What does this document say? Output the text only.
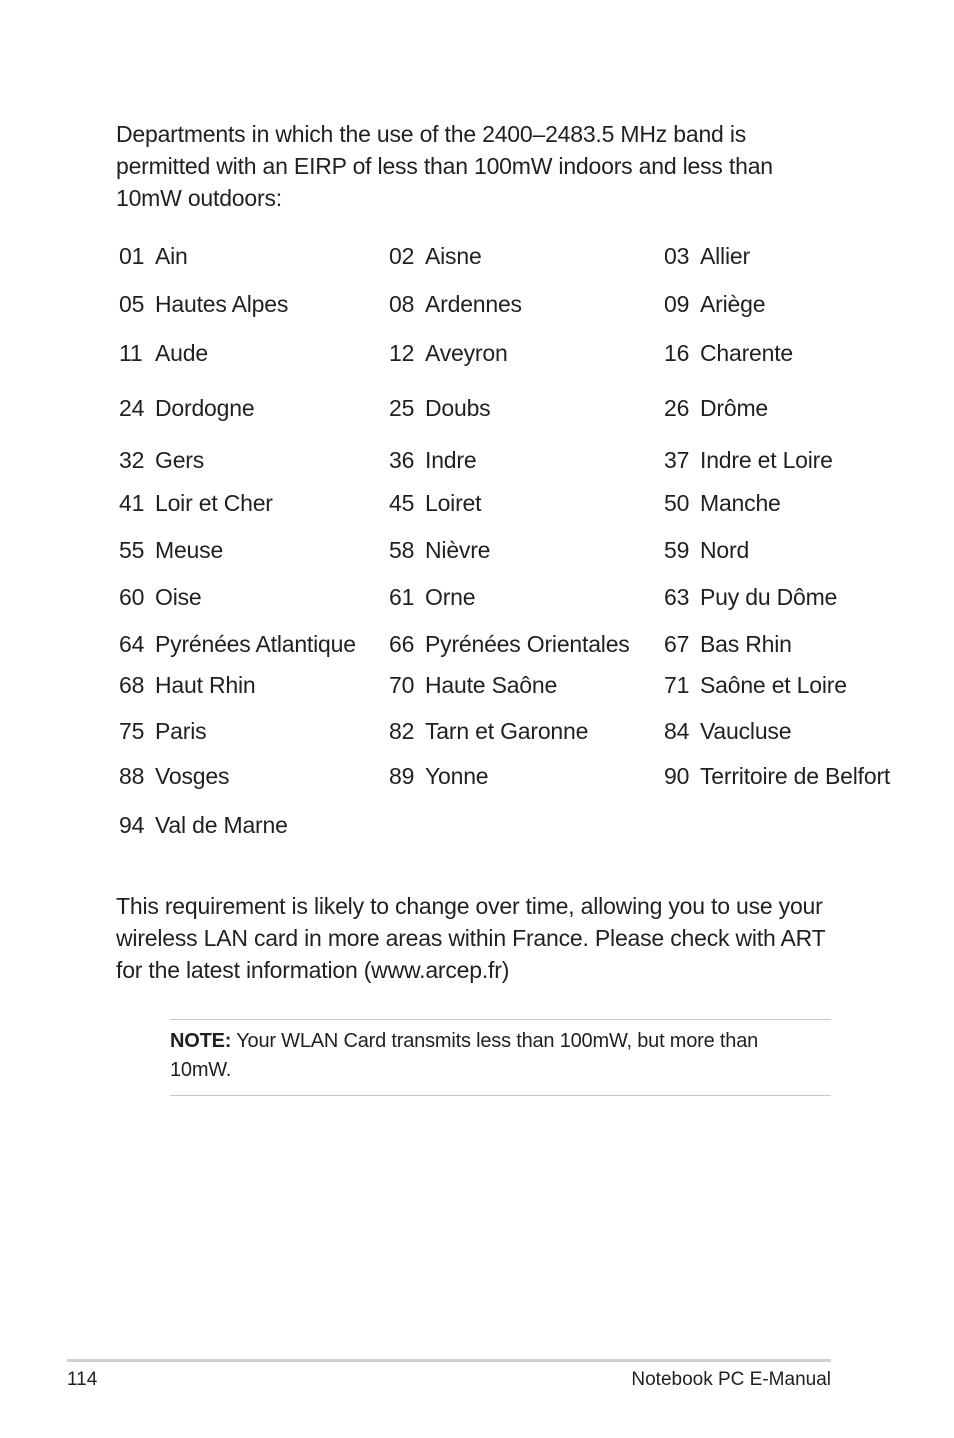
Departments in which the use of the 2400–2483.5 MHz band is permitted with an EIRP of less than 100mW indoors and less than 10mW outdoors:

01 Ain	02 Aisne	03 Allier
05 Hautes Alpes	08 Ardennes	09 Ariège
11 Aude	12 Aveyron	16 Charente
24 Dordogne	25 Doubs	26 Drôme
32 Gers	36 Indre	37 Indre et Loire
41 Loir et Cher	45 Loiret	50 Manche
55 Meuse	58 Nièvre	59 Nord
60 Oise	61 Orne	63 Puy du Dôme
64 Pyrénées Atlantique 66 Pyrénées Orientales 67 Bas Rhin
68 Haut Rhin	70 Haute Saône	71 Saône et Loire
75 Paris	82 Tarn et Garonne	84 Vaucluse
88 Vosges	89 Yonne	90 Territoire de Belfort
94 Val de Marne

This requirement is likely to change over time, allowing you to use your wireless LAN card in more areas within France. Please check with ART for the latest information (www.arcep.fr)

NOTE: Your WLAN Card transmits less than 100mW, but more than 10mW.

114	Notebook PC E-Manual
